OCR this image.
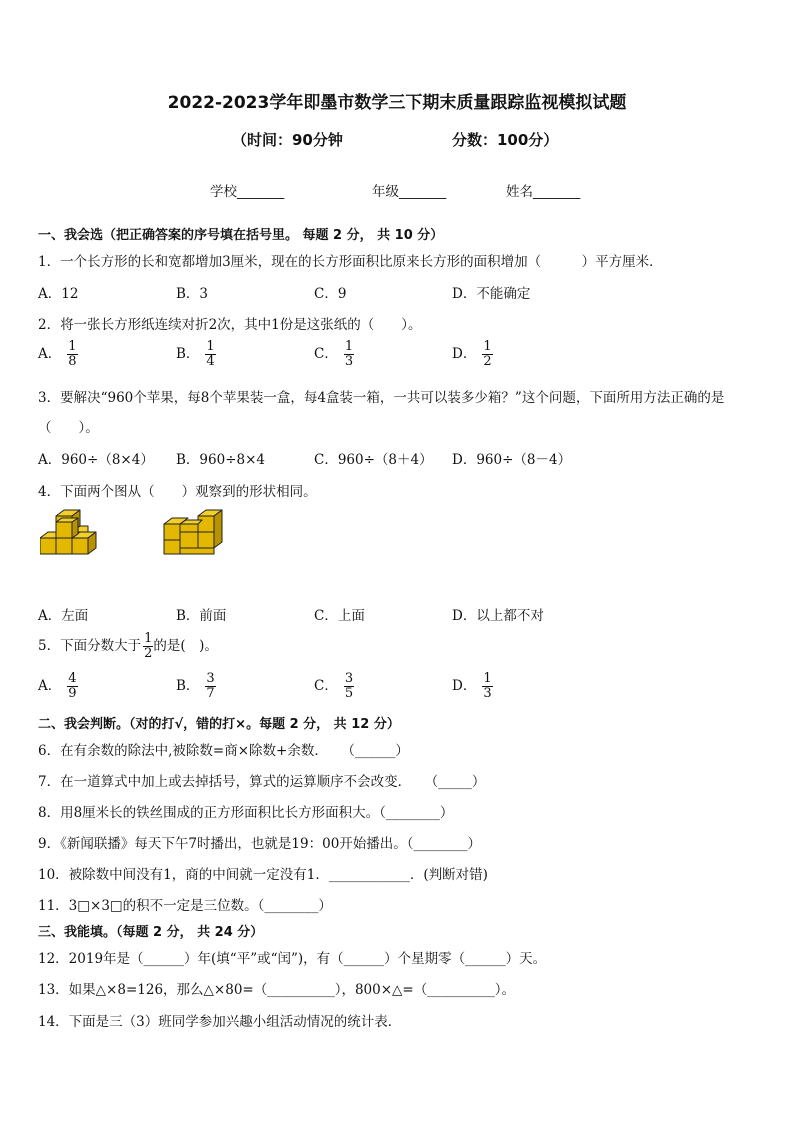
2022-2023学年即墨市数学三下期末质量跟踪监视模拟试题
（时间：90分钟	分数：100分）
学校_______	年级_______	姓名_______
一、我会选（把正确答案的序号填在括号里。 每题 2 分， 共 10 分）
1．一个长方形的长和宽都增加3厘米，现在的长方形面积比原来长方形的面积增加（　　　）平方厘米．
A．12	B．3	C．9	D．不能确定
2．将一张长方形纸连续对折2次，其中1份是这张纸的（　　）。
A． $\frac{1}{8}$	B． $\frac{1}{4}$	C． $\frac{1}{3}$	D． $\frac{1}{2}$
3．要解决“960个苹果，每8个苹果装一盒，每4盒装一箱，一共可以装多少箱？”这个问题，下面所用方法正确的是
（　　）。
A．960÷（8×4） B．960÷8×4	C．960÷（8＋4） D．960÷（8－4）
4．下面两个图从（　　）观察到的形状相同。
A．左面	B．前面	C．上面	D．以上都不对
5．下面分数大于 $\frac{1}{2}$ 的是(　)。
A． $\frac{4}{9}$	B． $\frac{3}{7}$	C． $\frac{3}{5}$	D． $\frac{1}{3}$
二、我会判断。（对的打√，错的打×。每题 2 分， 共 12 分）
6．在有余数的除法中,被除数=商×除数+余数．　　（______）
7．在一道算式中加上或去掉括号，算式的运算顺序不会改变．　　（_____）
8．用8厘米长的铁丝围成的正方形面积比长方形面积大。（________）
9．《新闻联播》每天下午7时播出，也就是19：00开始播出。（________）
10．被除数中间没有1，商的中间就一定没有1．____________．(判断对错)
11．3□×3□的积不一定是三位数。（________）
三、我能填。（每题 2 分， 共 24 分）
12．2019年是（______）年(填“平”或“闰”)，有（______）个星期零（______）天。
13．如果△×8=126，那么△×80=（__________），800×△=（__________）。
14．下面是三（3）班同学参加兴趣小组活动情况的统计表．
